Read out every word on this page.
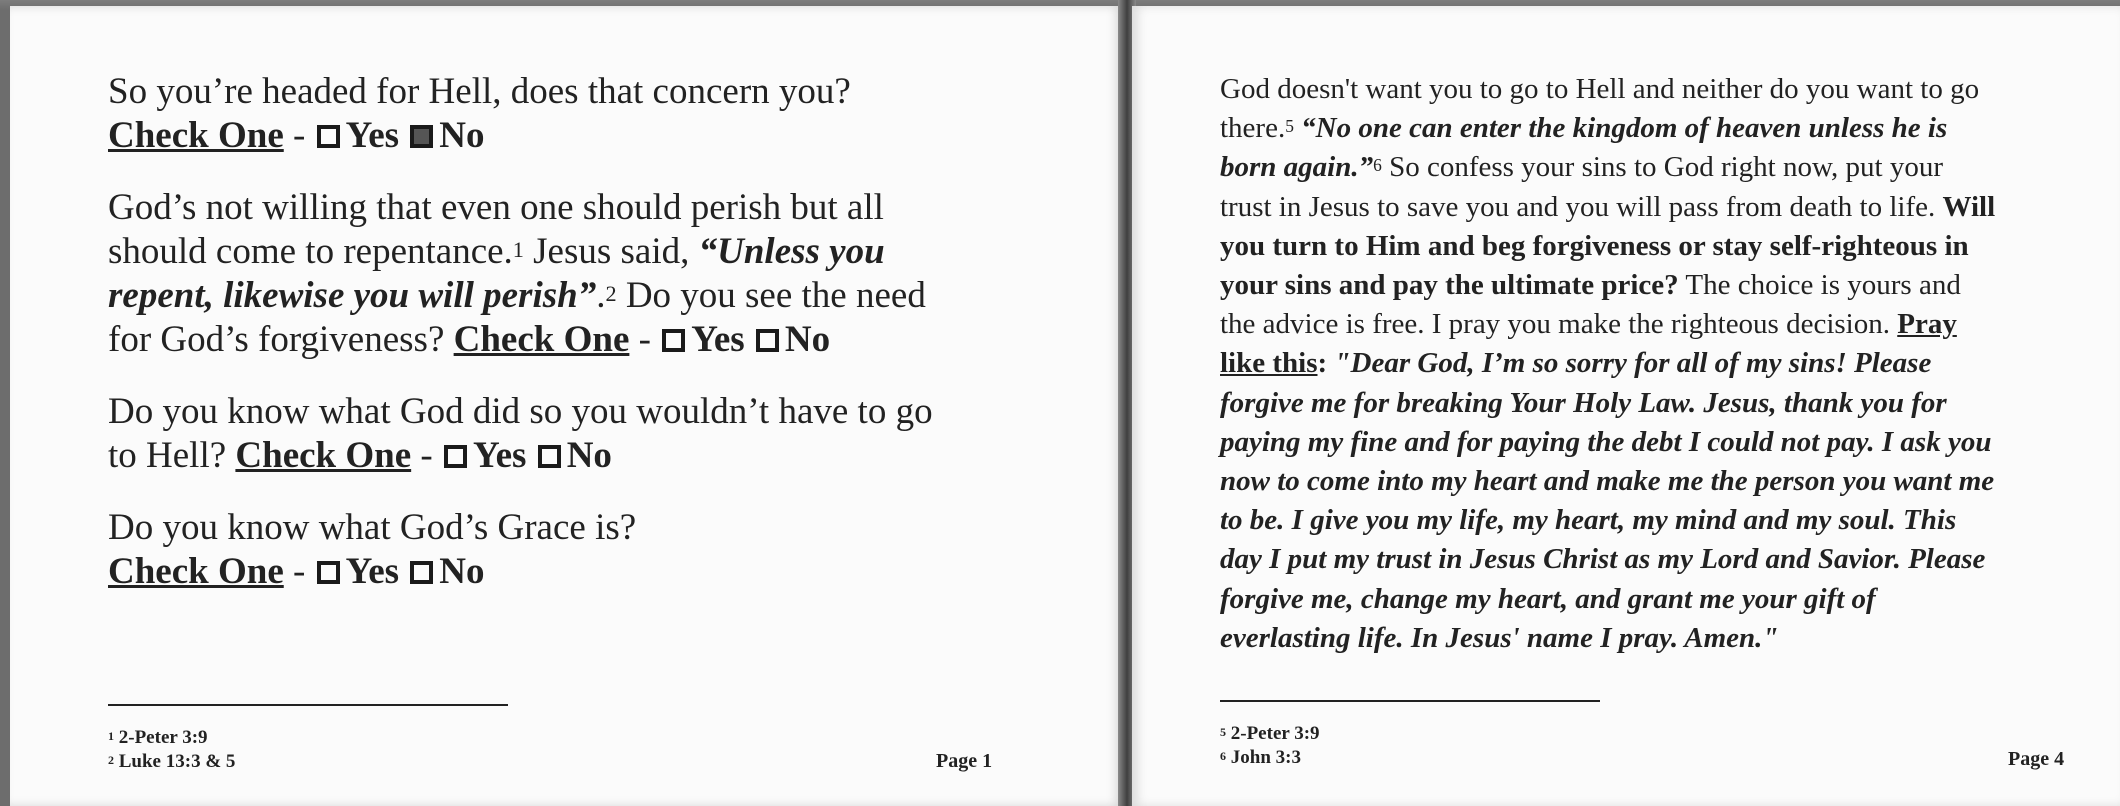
So you’re headed for Hell, does that concern you?

Check One - Yes No

God’s not willing that even one should perish but all

should come to repentance.$^1$ Jesus said, “Unless you

repent, likewise you will perish”.$^2$ Do you see the need

for God’s forgiveness? Check One - Yes No

Do you know what God did so you wouldn’t have to go

to Hell? Check One - Yes No

Do you know what God’s Grace is?

Check One - Yes No

$^1$ 2-Peter 3:9
$^2$ Luke 13:3 & 5	Page 1

God doesn't want you to go to Hell and neither do you want to go

there.$^5$ “No one can enter the kingdom of heaven unless he is

born again.”$^6$ So confess your sins to God right now, put your

trust in Jesus to save you and you will pass from death to life. Will

you turn to Him and beg forgiveness or stay self-righteous in

your sins and pay the ultimate price? The choice is yours and

the advice is free. I pray you make the righteous decision. Pray

like this: "Dear God, I’m so sorry for all of my sins! Please

forgive me for breaking Your Holy Law. Jesus, thank you for

paying my fine and for paying the debt I could not pay. I ask you

now to come into my heart and make me the person you want me

to be. I give you my life, my heart, my mind and my soul. This

day I put my trust in Jesus Christ as my Lord and Savior. Please

forgive me, change my heart, and grant me your gift of

everlasting life. In Jesus' name I pray. Amen."

$^5$ 2-Peter 3:9
$^6$ John 3:3	Page 4
